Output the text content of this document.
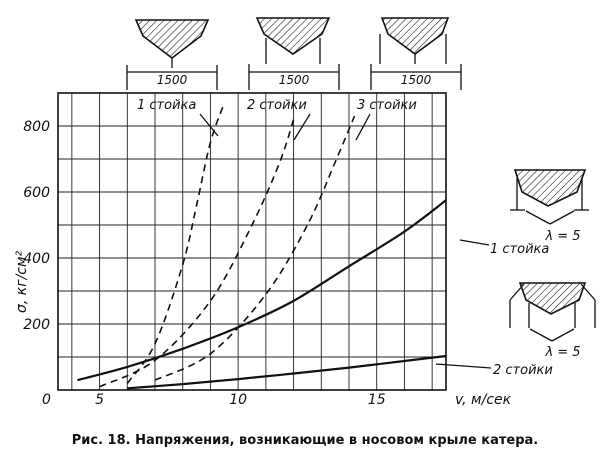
1500	1500	1500
λ = 5
λ = 5
5	10	15
200
400
600
800
0
σ, кг/см²
v, м/сек
1 стойка	2 стойки	3 стойки
1 стойка
2 стойки
Рис. 18. Напряжения, возникающие в носовом крыле катера.
